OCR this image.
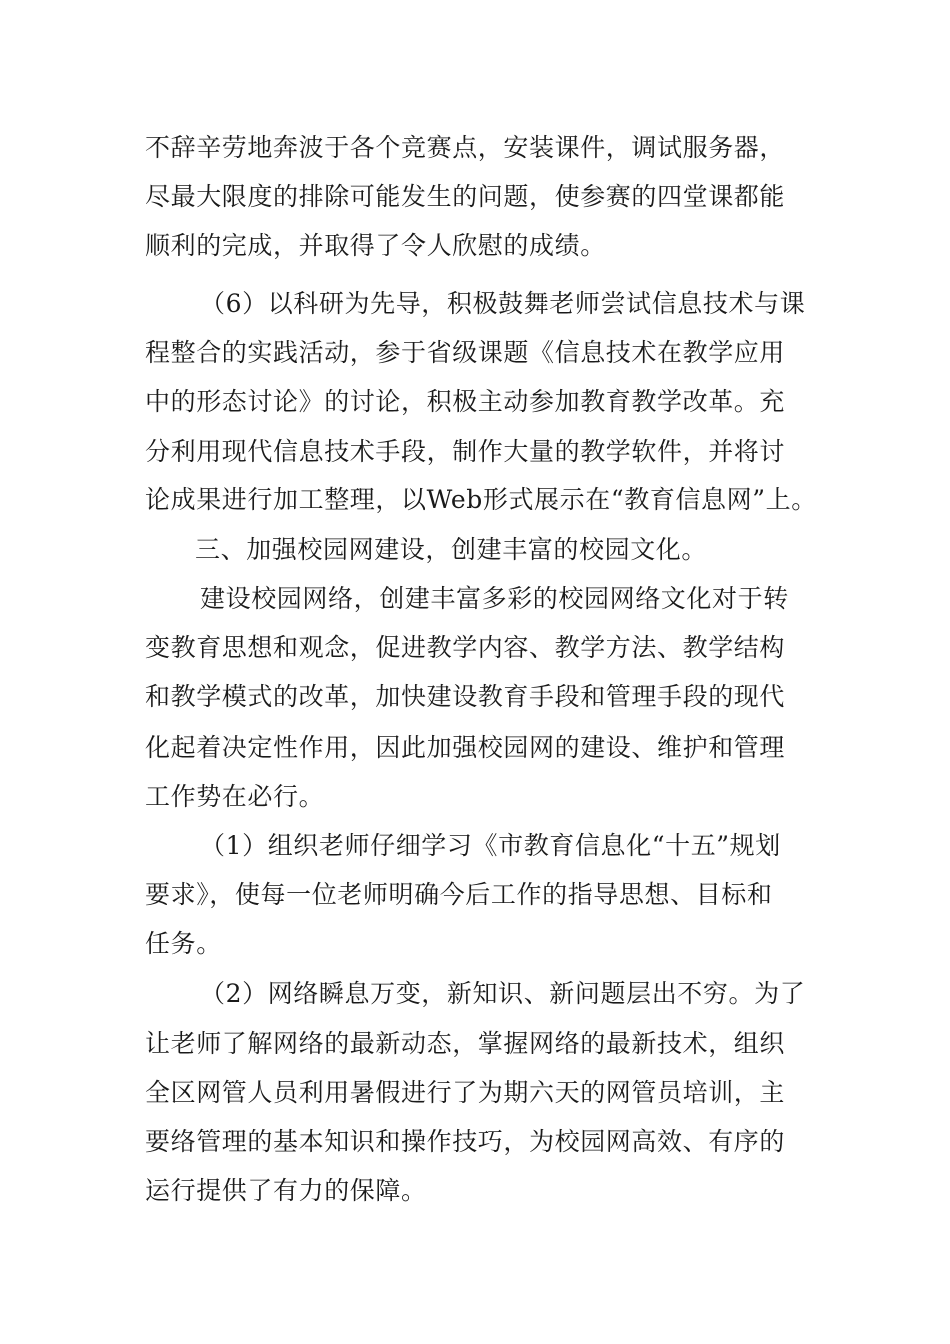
不辞辛劳地奔波于各个竞赛点，安装课件，调试服务器，
尽最大限度的排除可能发生的问题，使参赛的四堂课都能
顺利的完成，并取得了令人欣慰的成绩。
（6）以科研为先导，积极鼓舞老师尝试信息技术与课
程整合的实践活动，参于省级课题《信息技术在教学应用
中的形态讨论》的讨论，积极主动参加教育教学改革。充
分利用现代信息技术手段，制作大量的教学软件，并将讨
论成果进行加工整理，以Web形式展示在“教育信息网”上。
三、加强校园网建设，创建丰富的校园文化。
建设校园网络，创建丰富多彩的校园网络文化对于转
变教育思想和观念，促进教学内容、教学方法、教学结构
和教学模式的改革，加快建设教育手段和管理手段的现代
化起着决定性作用，因此加强校园网的建设、维护和管理
工作势在必行。
（1）组织老师仔细学习《市教育信息化“十五”规划
要求》，使每一位老师明确今后工作的指导思想、目标和
任务。
（2）网络瞬息万变，新知识、新问题层出不穷。为了
让老师了解网络的最新动态，掌握网络的最新技术，组织
全区网管人员利用暑假进行了为期六天的网管员培训，主
要络管理的基本知识和操作技巧，为校园网高效、有序的
运行提供了有力的保障。
